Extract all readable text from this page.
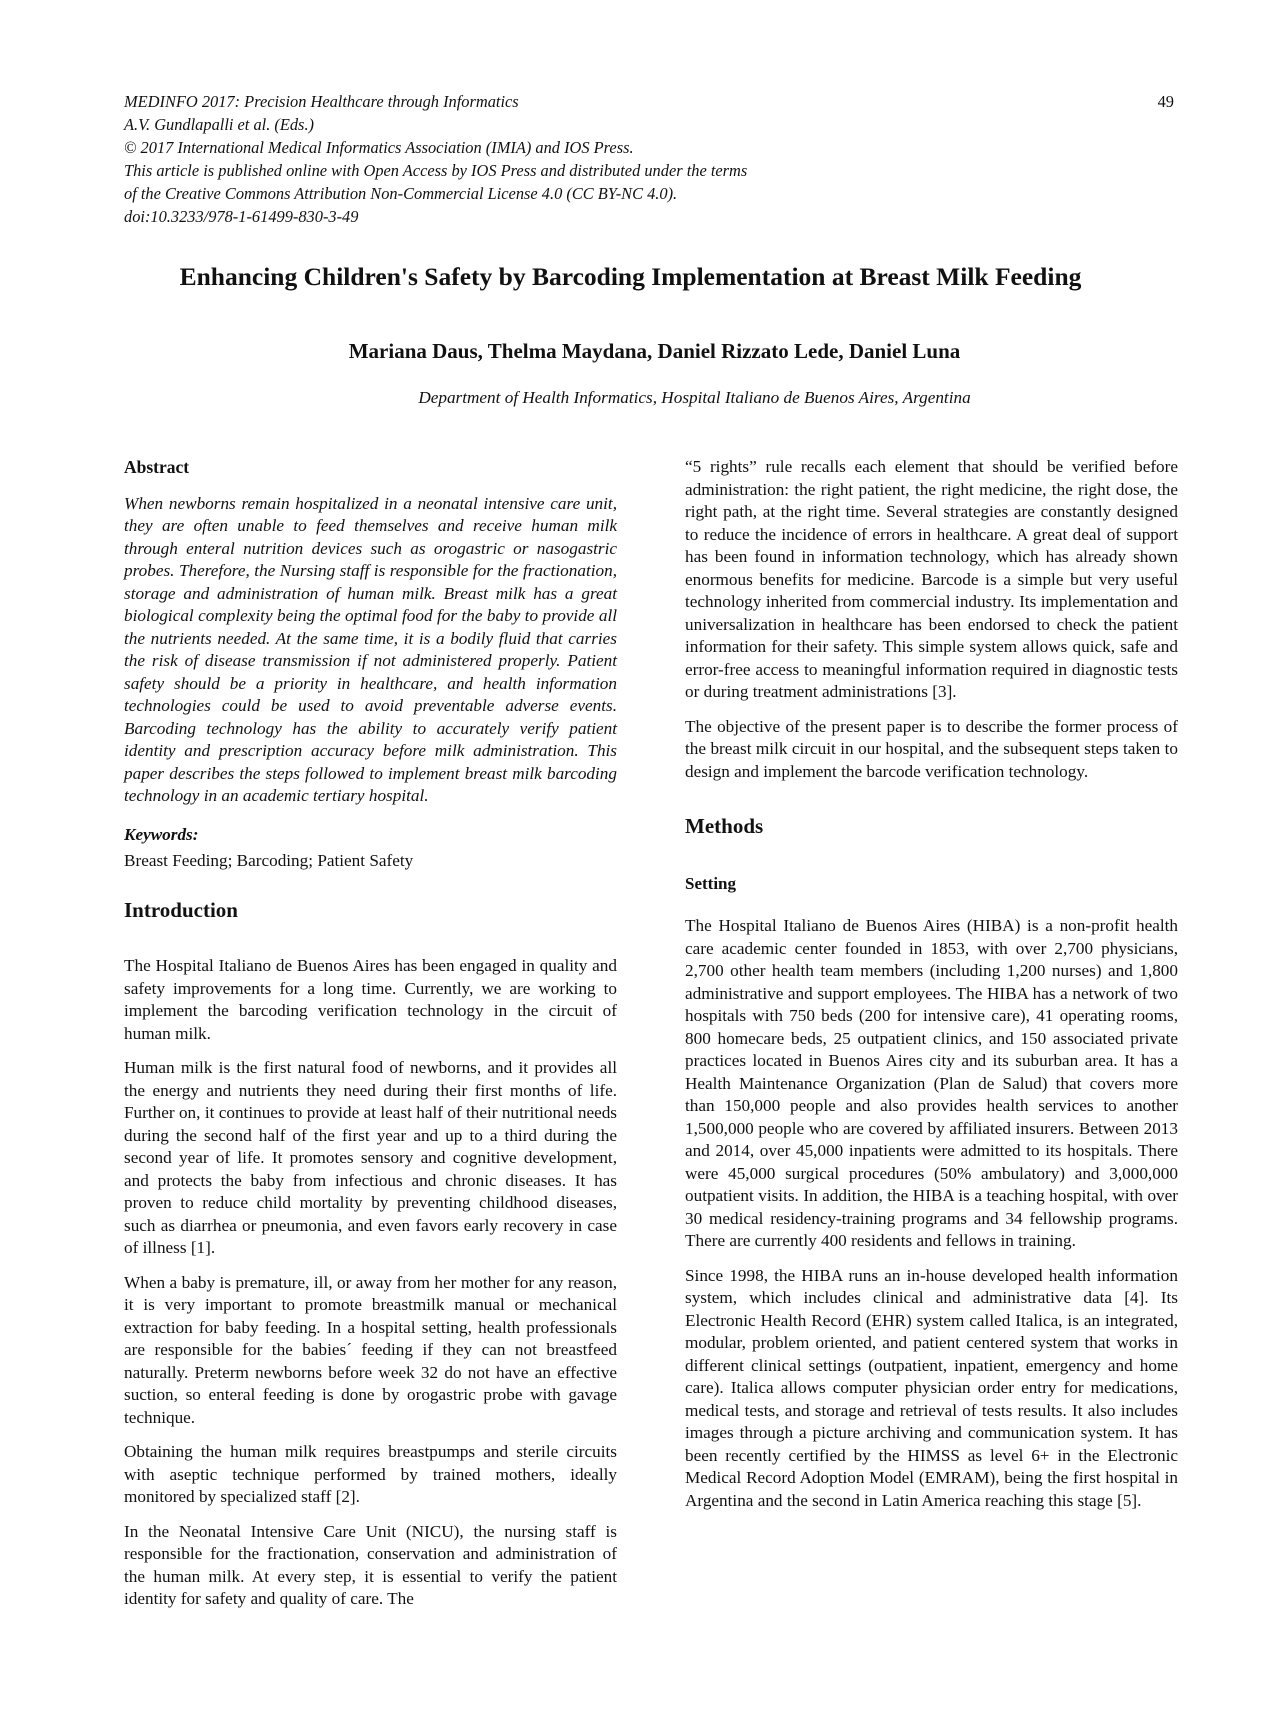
49
MEDINFO 2017: Precision Healthcare through Informatics
A.V. Gundlapalli et al. (Eds.)
© 2017 International Medical Informatics Association (IMIA) and IOS Press.
This article is published online with Open Access by IOS Press and distributed under the terms
of the Creative Commons Attribution Non-Commercial License 4.0 (CC BY-NC 4.0).
doi:10.3233/978-1-61499-830-3-49
Enhancing Children's Safety by Barcoding Implementation at Breast Milk Feeding
Mariana Daus, Thelma Maydana, Daniel Rizzato Lede, Daniel Luna
Department of Health Informatics, Hospital Italiano de Buenos Aires, Argentina
Abstract

When newborns remain hospitalized in a neonatal intensive care unit, they are often unable to feed themselves and receive human milk through enteral nutrition devices such as orogastric or nasogastric probes. Therefore, the Nursing staff is responsible for the fractionation, storage and administration of human milk. Breast milk has a great biological complexity being the optimal food for the baby to provide all the nutrients needed. At the same time, it is a bodily fluid that carries the risk of disease transmission if not administered properly. Patient safety should be a priority in healthcare, and health information technologies could be used to avoid preventable adverse events. Barcoding technology has the ability to accurately verify patient identity and prescription accuracy before milk administration. This paper describes the steps followed to implement breast milk barcoding technology in an academic tertiary hospital.

Keywords:
Breast Feeding; Barcoding; Patient Safety
Introduction

The Hospital Italiano de Buenos Aires has been engaged in quality and safety improvements for a long time. Currently, we are working to implement the barcoding verification technology in the circuit of human milk.

Human milk is the first natural food of newborns, and it provides all the energy and nutrients they need during their first months of life. Further on, it continues to provide at least half of their nutritional needs during the second half of the first year and up to a third during the second year of life. It promotes sensory and cognitive development, and protects the baby from infectious and chronic diseases. It has proven to reduce child mortality by preventing childhood diseases, such as diarrhea or pneumonia, and even favors early recovery in case of illness [1].

When a baby is premature, ill, or away from her mother for any reason, it is very important to promote breastmilk manual or mechanical extraction for baby feeding. In a hospital setting, health professionals are responsible for the babies´ feeding if they can not breastfeed naturally. Preterm newborns before week 32 do not have an effective suction, so enteral feeding is done by orogastric probe with gavage technique.

Obtaining the human milk requires breastpumps and sterile circuits with aseptic technique performed by trained mothers, ideally monitored by specialized staff [2].

In the Neonatal Intensive Care Unit (NICU), the nursing staff is responsible for the fractionation, conservation and administration of the human milk. At every step, it is essential to verify the patient identity for safety and quality of care. The

“5 rights” rule recalls each element that should be verified before administration: the right patient, the right medicine, the right dose, the right path, at the right time. Several strategies are constantly designed to reduce the incidence of errors in healthcare. A great deal of support has been found in information technology, which has already shown enormous benefits for medicine. Barcode is a simple but very useful technology inherited from commercial industry. Its implementation and universalization in healthcare has been endorsed to check the patient information for their safety. This simple system allows quick, safe and error-free access to meaningful information required in diagnostic tests or during treatment administrations [3].

The objective of the present paper is to describe the former process of the breast milk circuit in our hospital, and the subsequent steps taken to design and implement the barcode verification technology.

Methods
Setting

The Hospital Italiano de Buenos Aires (HIBA) is a non-profit health care academic center founded in 1853, with over 2,700 physicians, 2,700 other health team members (including 1,200 nurses) and 1,800 administrative and support employees. The HIBA has a network of two hospitals with 750 beds (200 for intensive care), 41 operating rooms, 800 homecare beds, 25 outpatient clinics, and 150 associated private practices located in Buenos Aires city and its suburban area. It has a Health Maintenance Organization (Plan de Salud) that covers more than 150,000 people and also provides health services to another 1,500,000 people who are covered by affiliated insurers. Between 2013 and 2014, over 45,000 inpatients were admitted to its hospitals. There were 45,000 surgical procedures (50% ambulatory) and 3,000,000 outpatient visits. In addition, the HIBA is a teaching hospital, with over 30 medical residency-training programs and 34 fellowship programs. There are currently 400 residents and fellows in training.

Since 1998, the HIBA runs an in-house developed health information system, which includes clinical and administrative data [4]. Its Electronic Health Record (EHR) system called Italica, is an integrated, modular, problem oriented, and patient centered system that works in different clinical settings (outpatient, inpatient, emergency and home care). Italica allows computer physician order entry for medications, medical tests, and storage and retrieval of tests results. It also includes images through a picture archiving and communication system. It has been recently certified by the HIMSS as level 6+ in the Electronic Medical Record Adoption Model (EMRAM), being the first hospital in Argentina and the second in Latin America reaching this stage [5].
